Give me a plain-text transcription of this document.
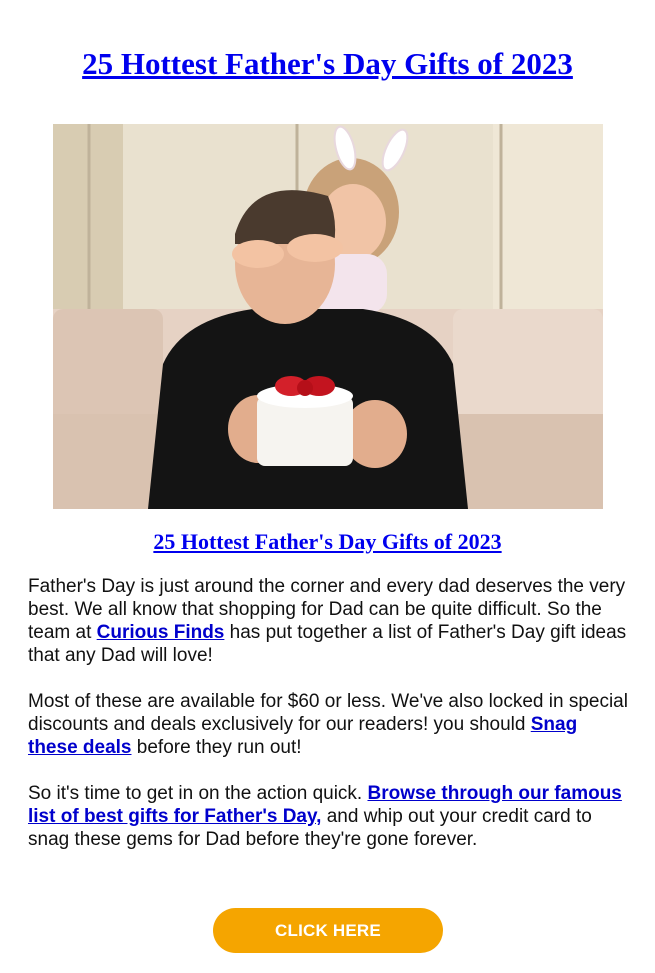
25 Hottest Father's Day Gifts of 2023
25 Hottest Father's Day Gifts of 2023

Father's Day is just around the corner and every dad deserves the very best. We all know that shopping for Dad can be quite difficult. So the team at Curious Finds has put together a list of Father's Day gift ideas that any Dad will love!

Most of these are available for $60 or less. We've also locked in special discounts and deals exclusively for our readers! you should Snag these deals before they run out!

So it's time to get in on the action quick. Browse through our famous list of best gifts for Father's Day, and whip out your credit card to snag these gems for Dad before they're gone forever.

CLICK HERE
